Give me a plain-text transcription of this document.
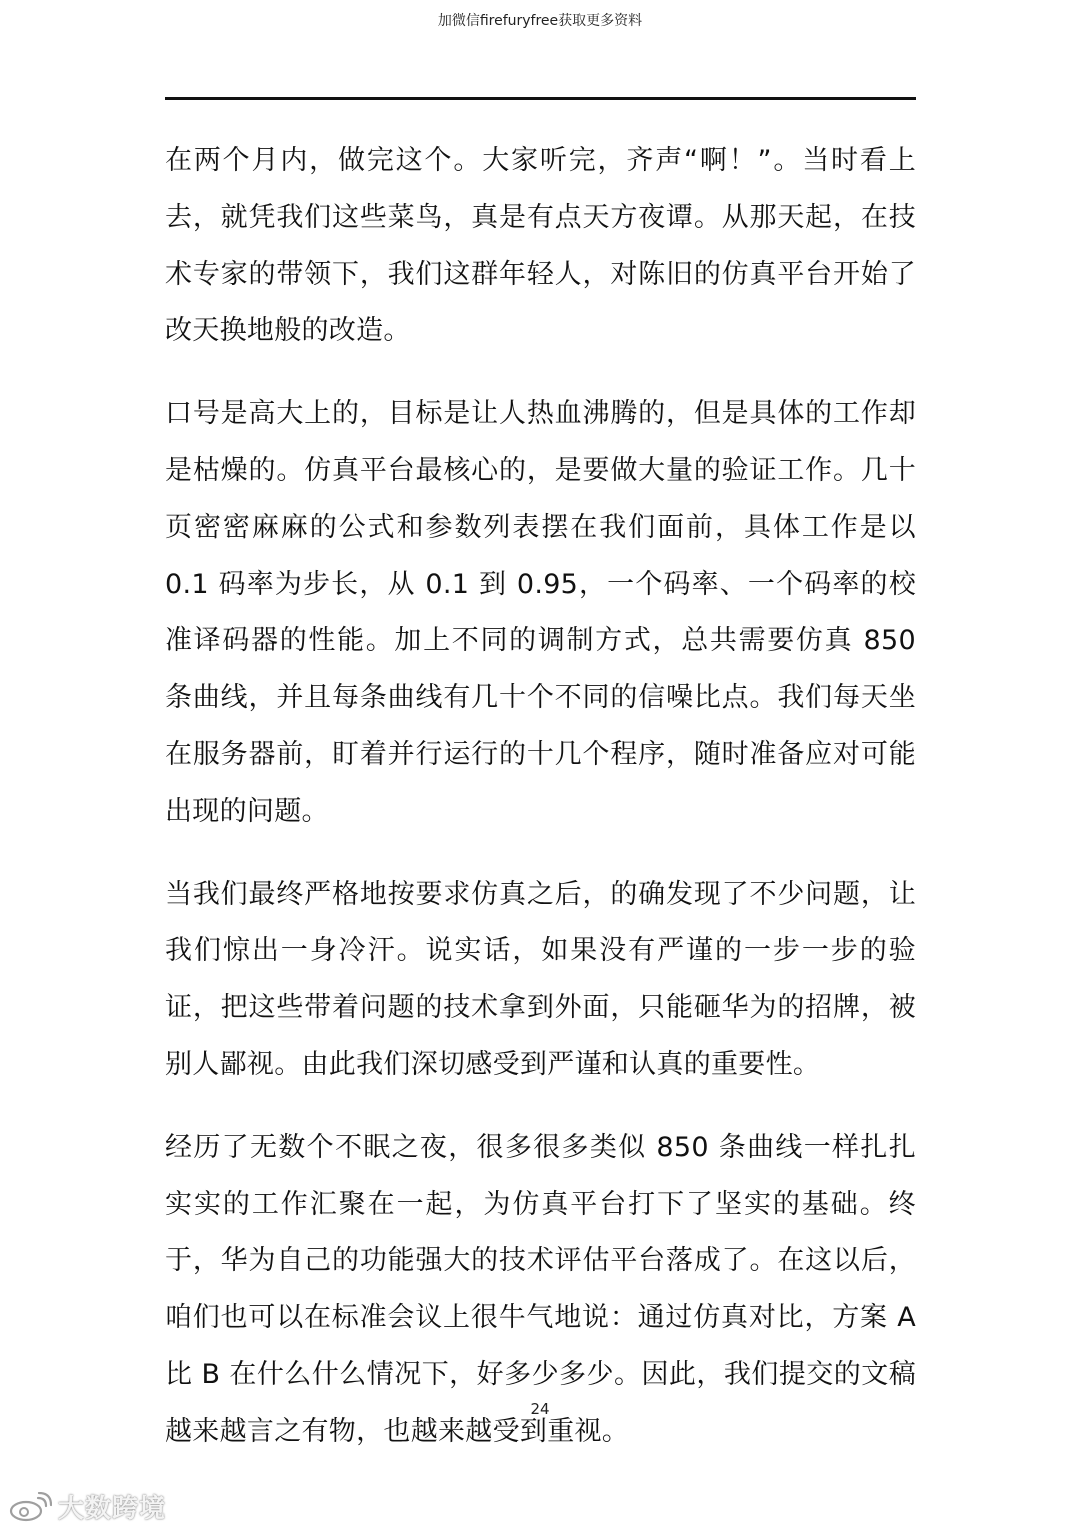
加微信firefuryfree获取更多资料

在两个月内，做完这个。大家听完，齐声“啊！”。当时看上去，就凭我们这些菜鸟，真是有点天方夜谭。从那天起，在技术专家的带领下，我们这群年轻人，对陈旧的仿真平台开始了改天换地般的改造。

口号是高大上的，目标是让人热血沸腾的，但是具体的工作却是枯燥的。仿真平台最核心的，是要做大量的验证工作。几十页密密麻麻的公式和参数列表摆在我们面前，具体工作是以 0.1 码率为步长，从 0.1 到 0.95，一个码率、一个码率的校准译码器的性能。加上不同的调制方式，总共需要仿真 850 条曲线，并且每条曲线有几十个不同的信噪比点。我们每天坐在服务器前，盯着并行运行的十几个程序，随时准备应对可能出现的问题。

当我们最终严格地按要求仿真之后，的确发现了不少问题，让我们惊出一身冷汗。说实话，如果没有严谨的一步一步的验证，把这些带着问题的技术拿到外面，只能砸华为的招牌，被别人鄙视。由此我们深切感受到严谨和认真的重要性。

经历了无数个不眠之夜，很多很多类似 850 条曲线一样扎扎实实的工作汇聚在一起，为仿真平台打下了坚实的基础。终于，华为自己的功能强大的技术评估平台落成了。在这以后，咱们也可以在标准会议上很牛气地说：通过仿真对比，方案 A 比 B 在什么什么情况下，好多少多少。因此，我们提交的文稿越来越言之有物，也越来越受到重视。

24
大数跨境
